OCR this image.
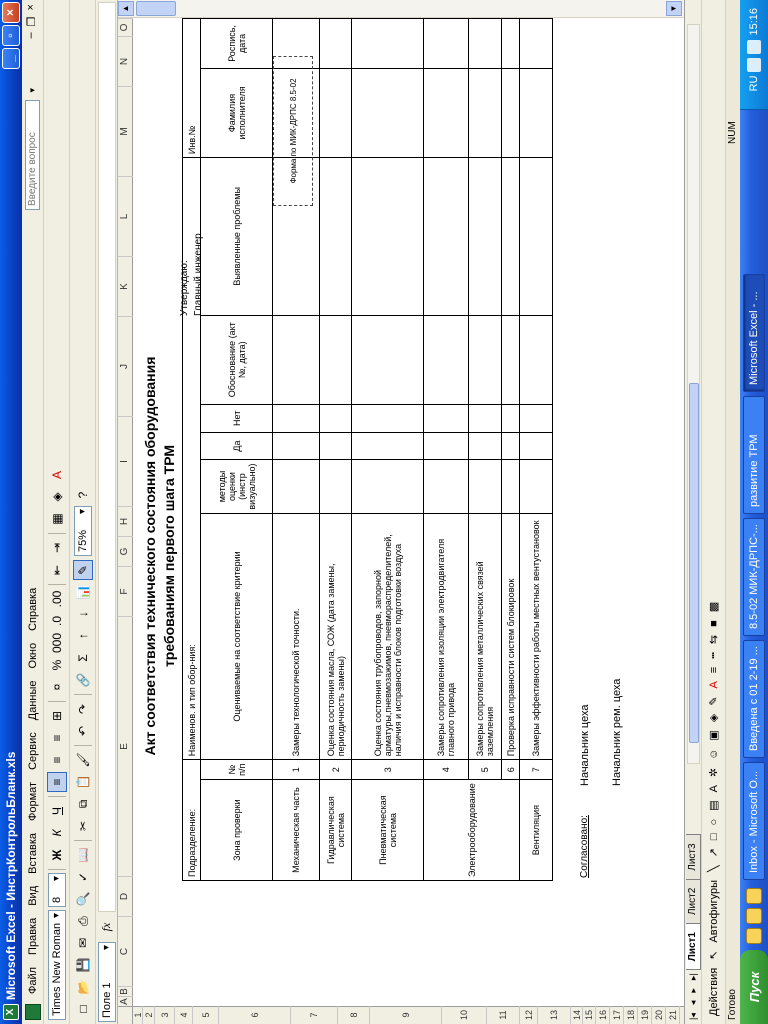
X
Microsoft Excel - ИнстрКонтрольБланк.xls
_
▫
×
Файл
Правка
Вид
Вставка
Формат
Сервис
Данные
Окно
Справка
Введите вопрос
▾
–
❐
×
Times New Roman ▾
8 ▾
Ж
К
Ч
≡
≡
≡
⊞
¤
%
000
.0
.00
⇤
⇥
▦
◈
A
□
📂
💾
✉
⎙
🔍
✓
📖
✂
⧉
📋
🖌
↶
↷
🔗
Σ
↑
↓
📊
✎
75% ▾
?
Поле 1 ▾
fx
A
B
C
D
E
F
G
H
I
J
K
L
M
N
O
1 2 3	4	5	6	7	8	9	10	11	12	13	14 15 16 17 18 19 20 21
Акт соответствия технического состояния оборудования требованиям первого шага ТРМ
Утверждаю: Главный инженер
Подразделение:		Наименов. и тип обор-ния:						Инв.№	
Зона проверки	№ п/п	Оцениваемые на соответствие критерии	методы оценки (инстр визуально)	Да	Нет	Обоснование (акт №, дата)	Выявленные проблемы	Фамилия исполнителя	Роспись, дата
Механическая часть	1	Замеры технологической точности.							
Гидравлическая система	2	Оценка состояния масла, СОЖ (дата замены, периодичность замены)							
Пневматическая система	3	Оценка состояния трубопроводов, запорной арматуры,пневмозажимов, пневмораспределителей, наличия и исправности блоков подготовки воздуха							
Электрооборудование	4	Замеры сопротивления изоляции электродвигателя главного привода							
	5	Замеры сопротивления металлических связей заземления							
	6	Проверка исправности систем блокировок							
Вентиляция	7	Замеры эффективности работы местных вентустановок							
Согласовано:
Начальник цеха Начальник рем. цеха
Форма по МИК-ДРПС 8.5-02
▲	▼
|◂
◂
▸
▸|
Лист1
Лист2
Лист3
Действия
↖
Автофигуры
╲
↗
□
○
▤
A
✲
☺
▣
◈
✎
A
≡
┅
⇆
■
▩
Готово
NUM
Пуск
Inbox - Microsoft O...
Введена с 01 2-19 ...
8.5-02 МИК-ДРПС-...
развитие ТРМ
Microsoft Excel - ...
RU
15:16
